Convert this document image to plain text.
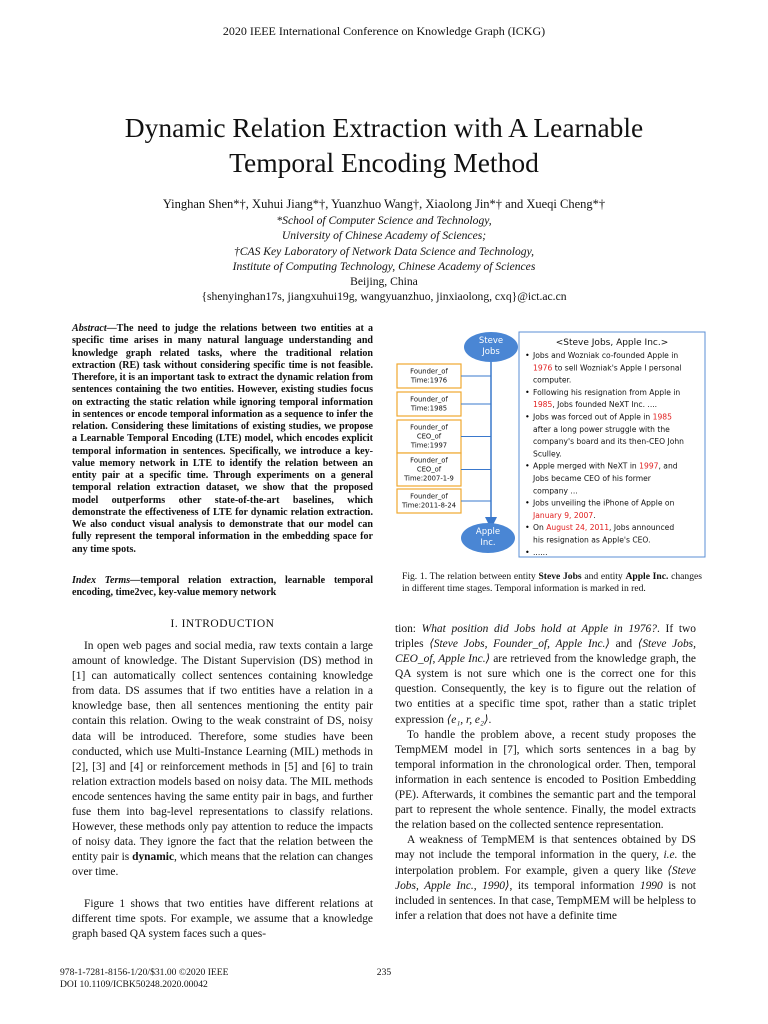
2020 IEEE International Conference on Knowledge Graph (ICKG)
Dynamic Relation Extraction with A Learnable
Temporal Encoding Method
Yinghan Shen*†, Xuhui Jiang*†, Yuanzhuo Wang†, Xiaolong Jin*† and Xueqi Cheng*†
*School of Computer Science and Technology,
University of Chinese Academy of Sciences;
†CAS Key Laboratory of Network Data Science and Technology,
Institute of Computing Technology, Chinese Academy of Sciences
Beijing, China
{shenyinghan17s, jiangxuhui19g, wangyuanzhuo, jinxiaolong, cxq}@ict.ac.cn
Abstract—The need to judge the relations between two entities at a specific time arises in many natural language understanding and knowledge graph related tasks, where the traditional relation extraction (RE) task without considering specific time is not feasible. Therefore, it is an important task to extract the dynamic relation from sentences containing the two entities. However, existing studies focus on extracting the static relation while ignoring temporal information in sentences or encode temporal information as a sequence to infer the relation. Considering these limitations of existing studies, we propose a Learnable Temporal Encoding (LTE) model, which encodes explicit temporal information in sentences. Specifically, we introduce a key-value memory network in LTE to identify the relation between an entity pair at a specific time. Through experiments on a general temporal relation extraction dataset, we show that the proposed model outperforms other state-of-the-art baselines, which demonstrate the effectiveness of LTE for dynamic relation extraction. We also conduct visual analysis to demonstrate that our model can fully represent the temporal information in the embedding space for any time spots.
Index Terms—temporal relation extraction, learnable temporal encoding, time2vec, key-value memory network
I. INTRODUCTION

In open web pages and social media, raw texts contain a large amount of knowledge. The Distant Supervision (DS) method in [1] can automatically collect sentences containing knowledge from data. DS assumes that if two entities have a relation in a knowledge base, then all sentences mentioning the entity pair contain this relation. Owing to the weak constraint of DS, noisy data will be introduced. Therefore, some studies have been conducted, which use Multi-Instance Learning (MIL) methods in [2], [3] and [4] or reinforcement methods in [5] and [6] to train relation extraction models based on noisy data. The MIL methods encode sentences having the same entity pair in bags, and further fuse them into bag-level representations to classify relations. However, these methods only pay attention to reduce the impacts of noisy data. They ignore the fact that the relation between the entity pair is dynamic, which means that the relation can changes over time.

Figure 1 shows that two entities have different relations at different time spots. For example, we assume that a knowledge graph based QA system faces such a ques-

tion: What position did Jobs hold at Apple in 1976?. If two triples ⟨Steve Jobs, Founder_of, Apple Inc.⟩ and ⟨Steve Jobs, CEO_of, Apple Inc.⟩ are retrieved from the knowledge graph, the QA system is not sure which one is the correct one for this question. Consequently, the key is to figure out the relation of two entities at a specific time spot, rather than a static triplet expression ⟨e₁, r, e₂⟩.

To handle the problem above, a recent study proposes the TempMEM model in [7], which sorts sentences in a bag by temporal information in the chronological order. Then, temporal information in each sentence is encoded to Position Embedding (PE). Afterwards, it combines the semantic part and the temporal part to represent the whole sentence. Finally, the model extracts the relation based on the collected sentence representation.

A weakness of TempMEM is that sentences obtained by DS may not include the temporal information in the query, i.e. the interpolation problem. For example, given a query like ⟨Steve Jobs, Apple Inc., 1990⟩, its temporal information 1990 is not included in sentences. In that case, TempMEM will be helpless to infer a relation that does not have a definite time

Steve
Jobs
Apple
Inc.
Founder_of
Time:1976
Founder_of
Time:1985
Founder_of
CEO_of
Time:1997
Founder_of
CEO_of
Time:2007-1-9
Founder_of
Time:2011-8-24
<Steve Jobs, Apple Inc.>
• Jobs and Wozniak co-founded Apple in
1976 to sell Wozniak's Apple I personal
computer.
• Following his resignation from Apple in
1985, Jobs founded NeXT Inc. ....
• Jobs was forced out of Apple in 1985
after a long power struggle with the
company's board and its then-CEO John
Sculley.
• Apple merged with NeXT in 1997, and
Jobs became CEO of his former
company ...
• Jobs unveiling the iPhone of Apple on
January 9, 2007.
• On August 24, 2011, Jobs announced
his resignation as Apple's CEO.
• ......
Fig. 1. The relation between entity Steve Jobs and entity Apple Inc. changes in different time stages. Temporal information is marked in red.
978-1-7281-8156-1/20/$31.00 ©2020 IEEE
DOI 10.1109/ICBK50248.2020.00042
235
